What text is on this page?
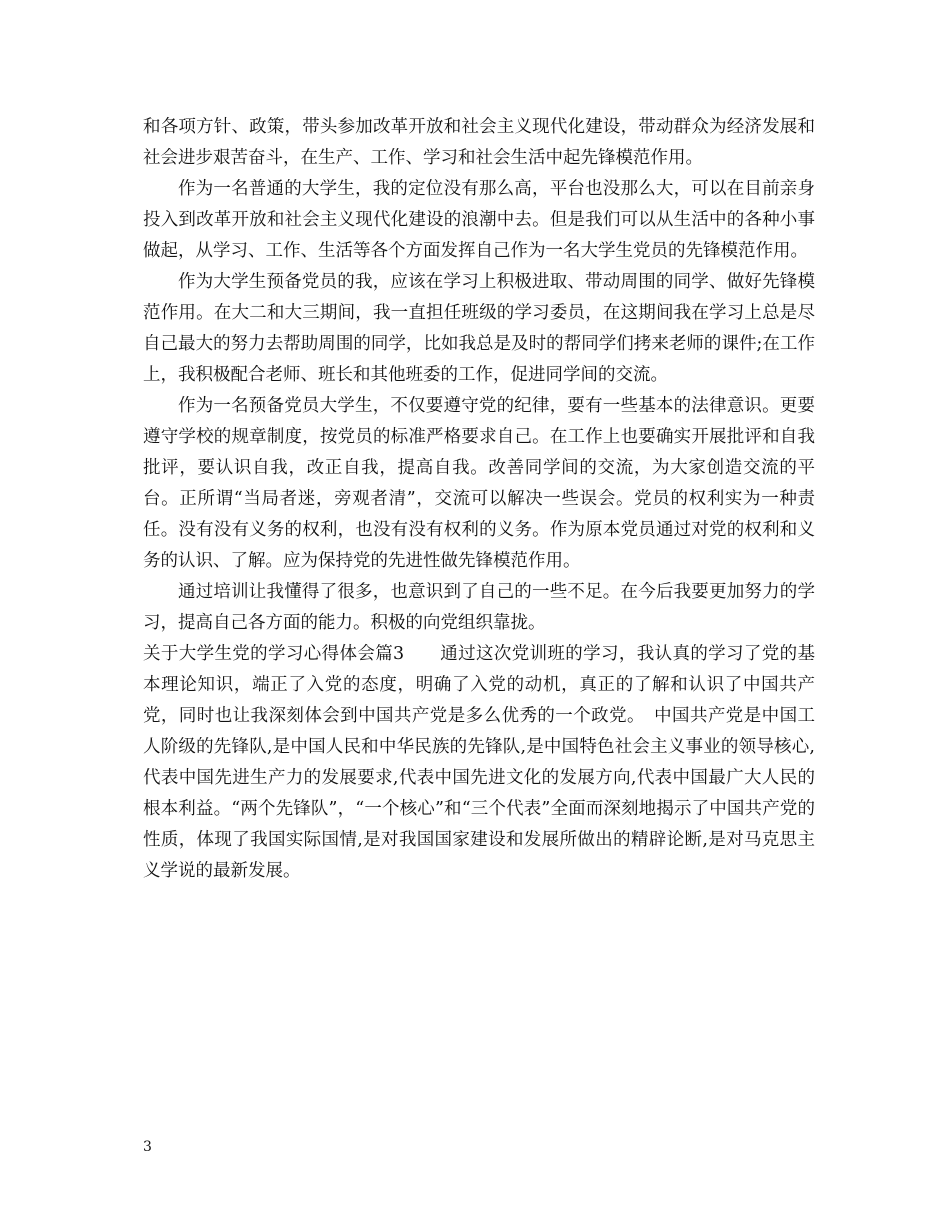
和各项方针、政策，带头参加改革开放和社会主义现代化建设，带动群众为经济发展和社会进步艰苦奋斗，在生产、工作、学习和社会生活中起先锋模范作用。

作为一名普通的大学生，我的定位没有那么高，平台也没那么大，可以在目前亲身投入到改革开放和社会主义现代化建设的浪潮中去。但是我们可以从生活中的各种小事做起，从学习、工作、生活等各个方面发挥自己作为一名大学生党员的先锋模范作用。

作为大学生预备党员的我，应该在学习上积极进取、带动周围的同学、做好先锋模范作用。在大二和大三期间，我一直担任班级的学习委员，在这期间我在学习上总是尽自己最大的努力去帮助周围的同学，比如我总是及时的帮同学们拷来老师的课件;在工作上，我积极配合老师、班长和其他班委的工作，促进同学间的交流。

作为一名预备党员大学生，不仅要遵守党的纪律，要有一些基本的法律意识。更要遵守学校的规章制度，按党员的标准严格要求自己。在工作上也要确实开展批评和自我批评，要认识自我，改正自我，提高自我。改善同学间的交流，为大家创造交流的平台。正所谓“当局者迷，旁观者清”，交流可以解决一些误会。党员的权利实为一种责任。没有没有义务的权利，也没有没有权利的义务。作为原本党员通过对党的权利和义务的认识、了解。应为保持党的先进性做先锋模范作用。

通过培训让我懂得了很多，也意识到了自己的一些不足。在今后我要更加努力的学习，提高自己各方面的能力。积极的向党组织靠拢。

关于大学生党的学习心得体会篇3　　通过这次党训班的学习，我认真的学习了党的基本理论知识，端正了入党的态度，明确了入党的动机，真正的了解和认识了中国共产党，同时也让我深刻体会到中国共产党是多么优秀的一个政党。　中国共产党是中国工人阶级的先锋队,是中国人民和中华民族的先锋队,是中国特色社会主义事业的领导核心,代表中国先进生产力的发展要求,代表中国先进文化的发展方向,代表中国最广大人民的根本利益。“两个先锋队”，“一个核心”和“三个代表”全面而深刻地揭示了中国共产党的性质，体现了我国实际国情,是对我国国家建设和发展所做出的精辟论断,是对马克思主义学说的最新发展。

3
